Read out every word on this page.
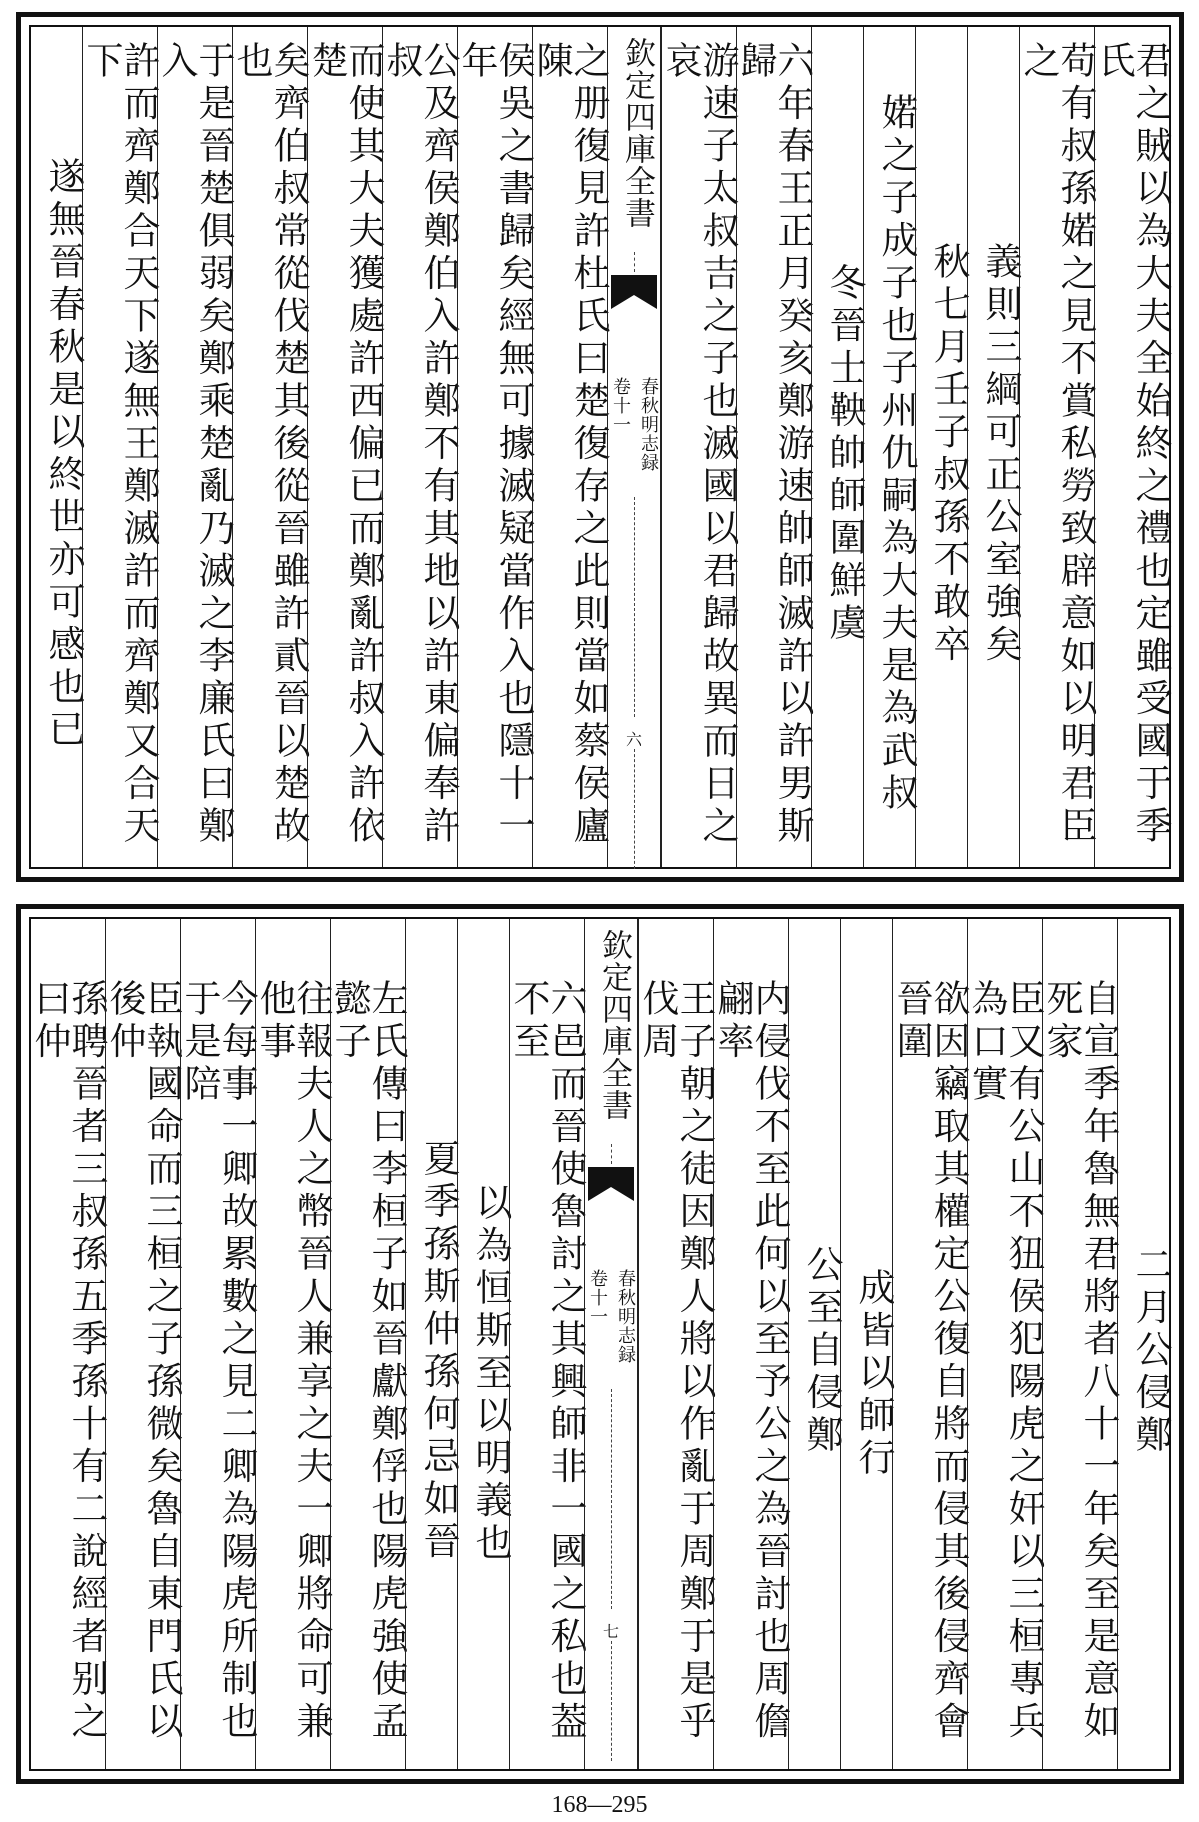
君之賊以為大夫全始終之禮也定雖受國于季氏
苟有叔孫婼之見不賞私勞致辟意如以明君臣之
義則三綱可正公室強矣
秋七月壬子叔孫不敢卒
婼之子成子也子州仇嗣為大夫是為武叔
冬晉士鞅帥師圍鮮虞
六年春王正月癸亥鄭游速帥師滅許以許男斯歸
游速子太叔吉之子也滅國以君歸故異而日之哀
欽定四庫全書
春秋明志録
卷十一
六
之册復見許杜氏曰楚復存之此則當如蔡侯廬陳
侯吳之書歸矣經無可據滅疑當作入也隱十一年
公及齊侯鄭伯入許鄭不有其地以許東偏奉許叔
而使其大夫獲處許西偏已而鄭亂許叔入許依楚
矣齊伯叔常從伐楚其後從晉雖許貳晉以楚故也
于是晉楚俱弱矣鄭乘楚亂乃滅之李廉氏曰鄭入
許而齊鄭合天下遂無王鄭滅許而齊鄭又合天下
遂無晉春秋是以終世亦可感也已
二月公侵鄭
自宣季年魯無君將者八十一年矣至是意如死家
臣又有公山不狃侯犯陽虎之奸以三桓專兵為口實
欲因竊取其權定公復自將而侵其後侵齊會晉圍
成皆以師行
公至自侵鄭
内侵伐不至此何以至予公之為晉討也周儋翩率
王子朝之徒因鄭人將以作亂于周鄭于是乎伐周
欽定四庫全書
春秋明志録
卷十一
七
六邑而晉使魯討之其興師非一國之私也葢不至
以為恒斯至以明義也
夏季孫斯仲孫何忌如晉
左氏傳曰李桓子如晉獻鄭俘也陽虎強使孟懿子
往報夫人之幣晉人兼享之夫一卿將命可兼他事
今每事一卿故累數之見二卿為陽虎所制也于是陪
臣執國命而三桓之子孫微矣魯自東門氏以後仲
孫聘晉者三叔孫五季孫十有二說經者别之曰仲
168—295
